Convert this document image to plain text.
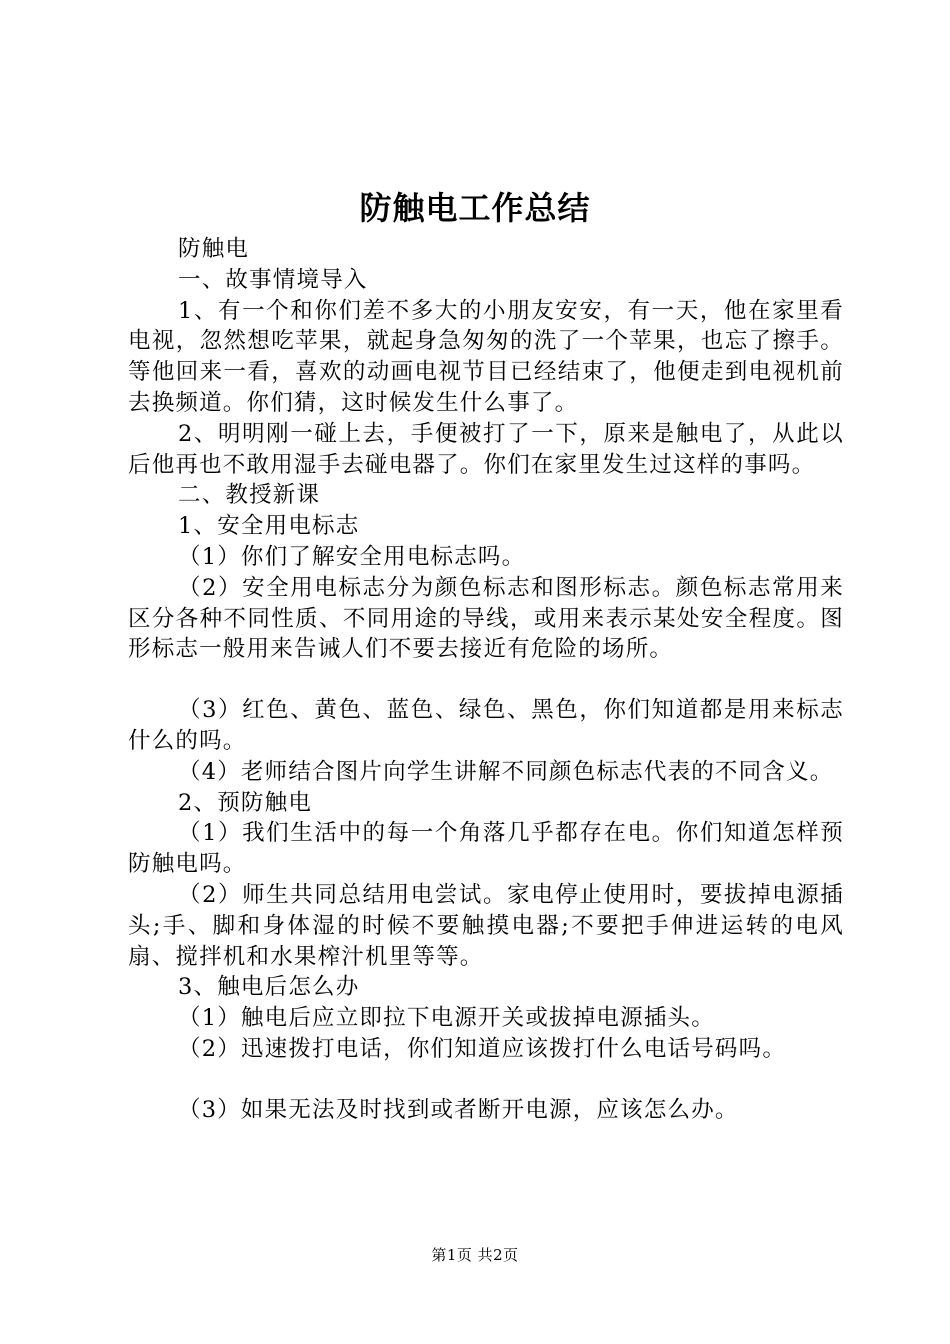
防触电工作总结

防触电

一、故事情境导入

1、有一个和你们差不多大的小朋友安安，有一天，他在家里看电视，忽然想吃苹果，就起身急匆匆的洗了一个苹果，也忘了擦手。等他回来一看，喜欢的动画电视节目已经结束了，他便走到电视机前去换频道。你们猜，这时候发生什么事了。

2、明明刚一碰上去，手便被打了一下，原来是触电了，从此以后他再也不敢用湿手去碰电器了。你们在家里发生过这样的事吗。

二、教授新课

1、安全用电标志

（1）你们了解安全用电标志吗。

（2）安全用电标志分为颜色标志和图形标志。颜色标志常用来区分各种不同性质、不同用途的导线，或用来表示某处安全程度。图形标志一般用来告诫人们不要去接近有危险的场所。

（3）红色、黄色、蓝色、绿色、黑色，你们知道都是用来标志什么的吗。

（4）老师结合图片向学生讲解不同颜色标志代表的不同含义。

2、预防触电

（1）我们生活中的每一个角落几乎都存在电。你们知道怎样预防触电吗。

（2）师生共同总结用电尝试。家电停止使用时，要拔掉电源插头;手、脚和身体湿的时候不要触摸电器;不要把手伸进运转的电风扇、搅拌机和水果榨汁机里等等。

3、触电后怎么办

（1）触电后应立即拉下电源开关或拔掉电源插头。

（2）迅速拨打电话，你们知道应该拨打什么电话号码吗。

（3）如果无法及时找到或者断开电源，应该怎么办。

第1页 共2页
